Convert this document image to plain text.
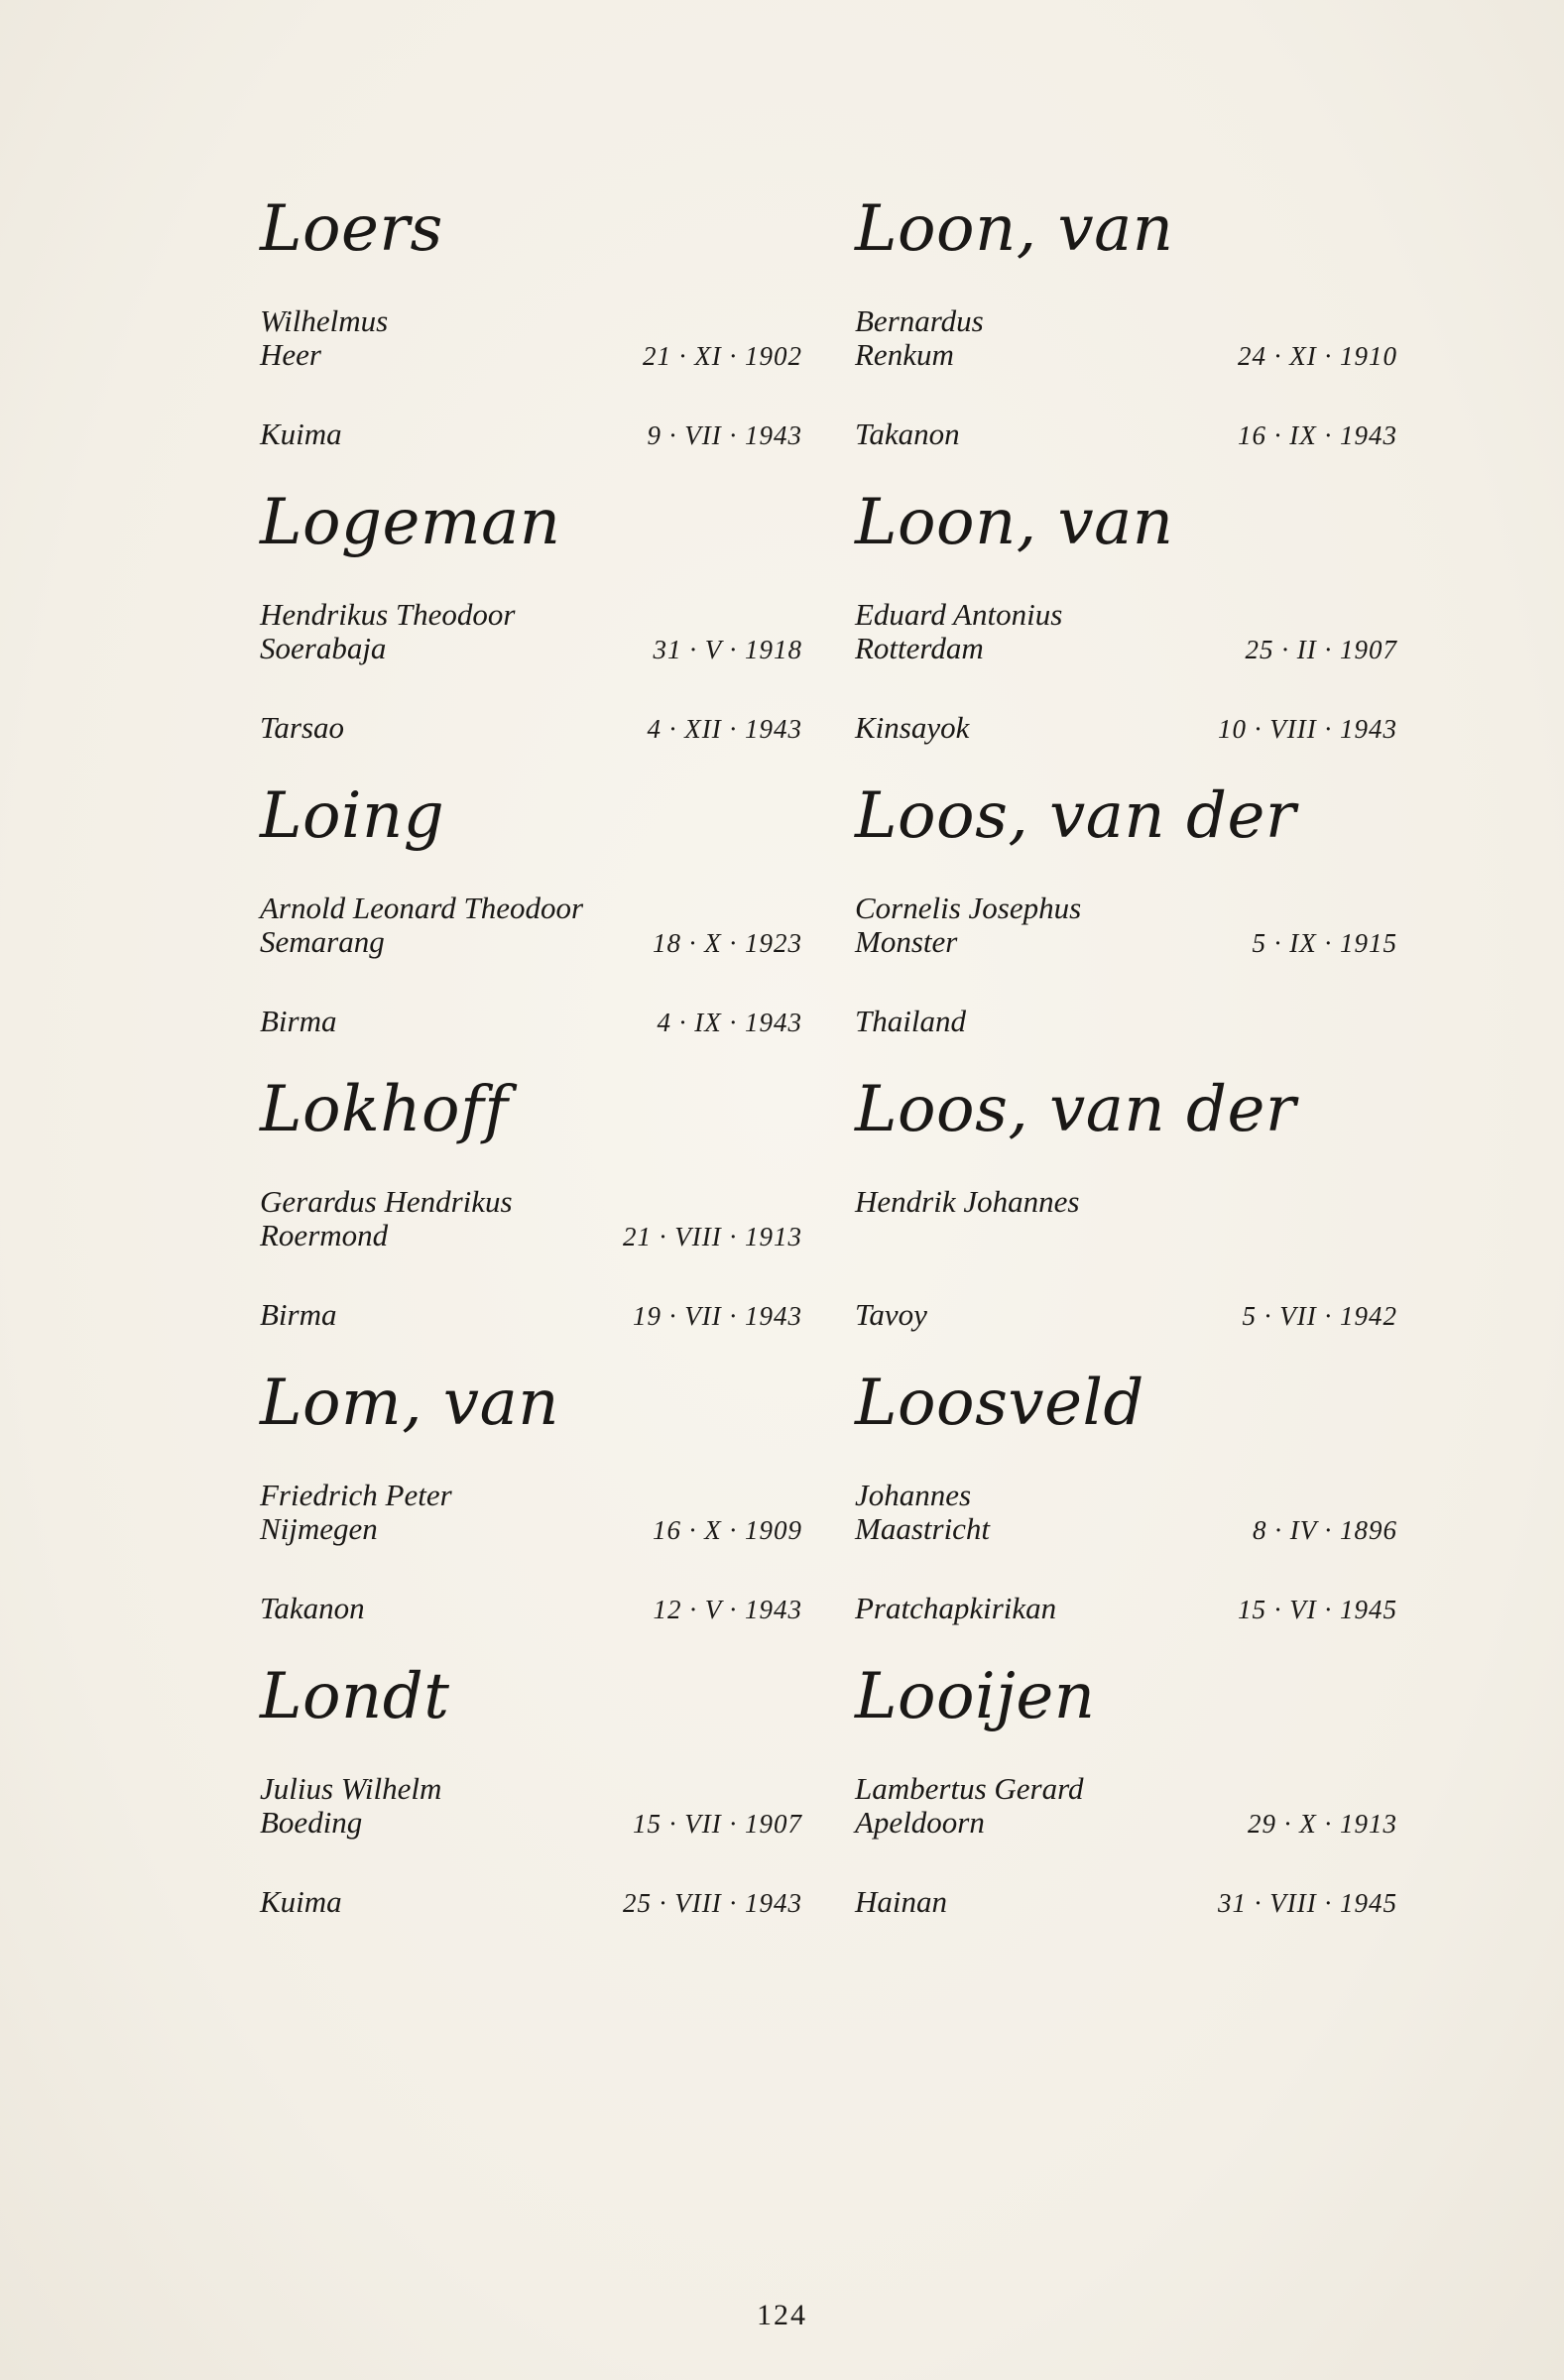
Loers
Wilhelmus
Heer	21 · XI · 1902
Kuima	9 · VII · 1943
Logeman
Hendrikus Theodoor
Soerabaja	31 · V · 1918
Tarsao	4 · XII · 1943
Loing
Arnold Leonard Theodoor
Semarang	18 · X · 1923
Birma	4 · IX · 1943
Lokhoff
Gerardus Hendrikus
Roermond	21 · VIII · 1913
Birma	19 · VII · 1943
Lom, van
Friedrich Peter
Nijmegen	16 · X · 1909
Takanon	12 · V · 1943
Londt
Julius Wilhelm
Boeding	15 · VII · 1907
Kuima	25 · VIII · 1943
Loon, van
Bernardus
Renkum	24 · XI · 1910
Takanon	16 · IX · 1943
Loon, van
Eduard Antonius
Rotterdam	25 · II · 1907
Kinsayok	10 · VIII · 1943
Loos, van der
Cornelis Josephus
Monster	5 · IX · 1915
Thailand
Loos, van der
Hendrik Johannes
Tavoy	5 · VII · 1942
Loosveld
Johannes
Maastricht	8 · IV · 1896
Pratchapkirikan	15 · VI · 1945
Looijen
Lambertus Gerard
Apeldoorn	29 · X · 1913
Hainan	31 · VIII · 1945
124
